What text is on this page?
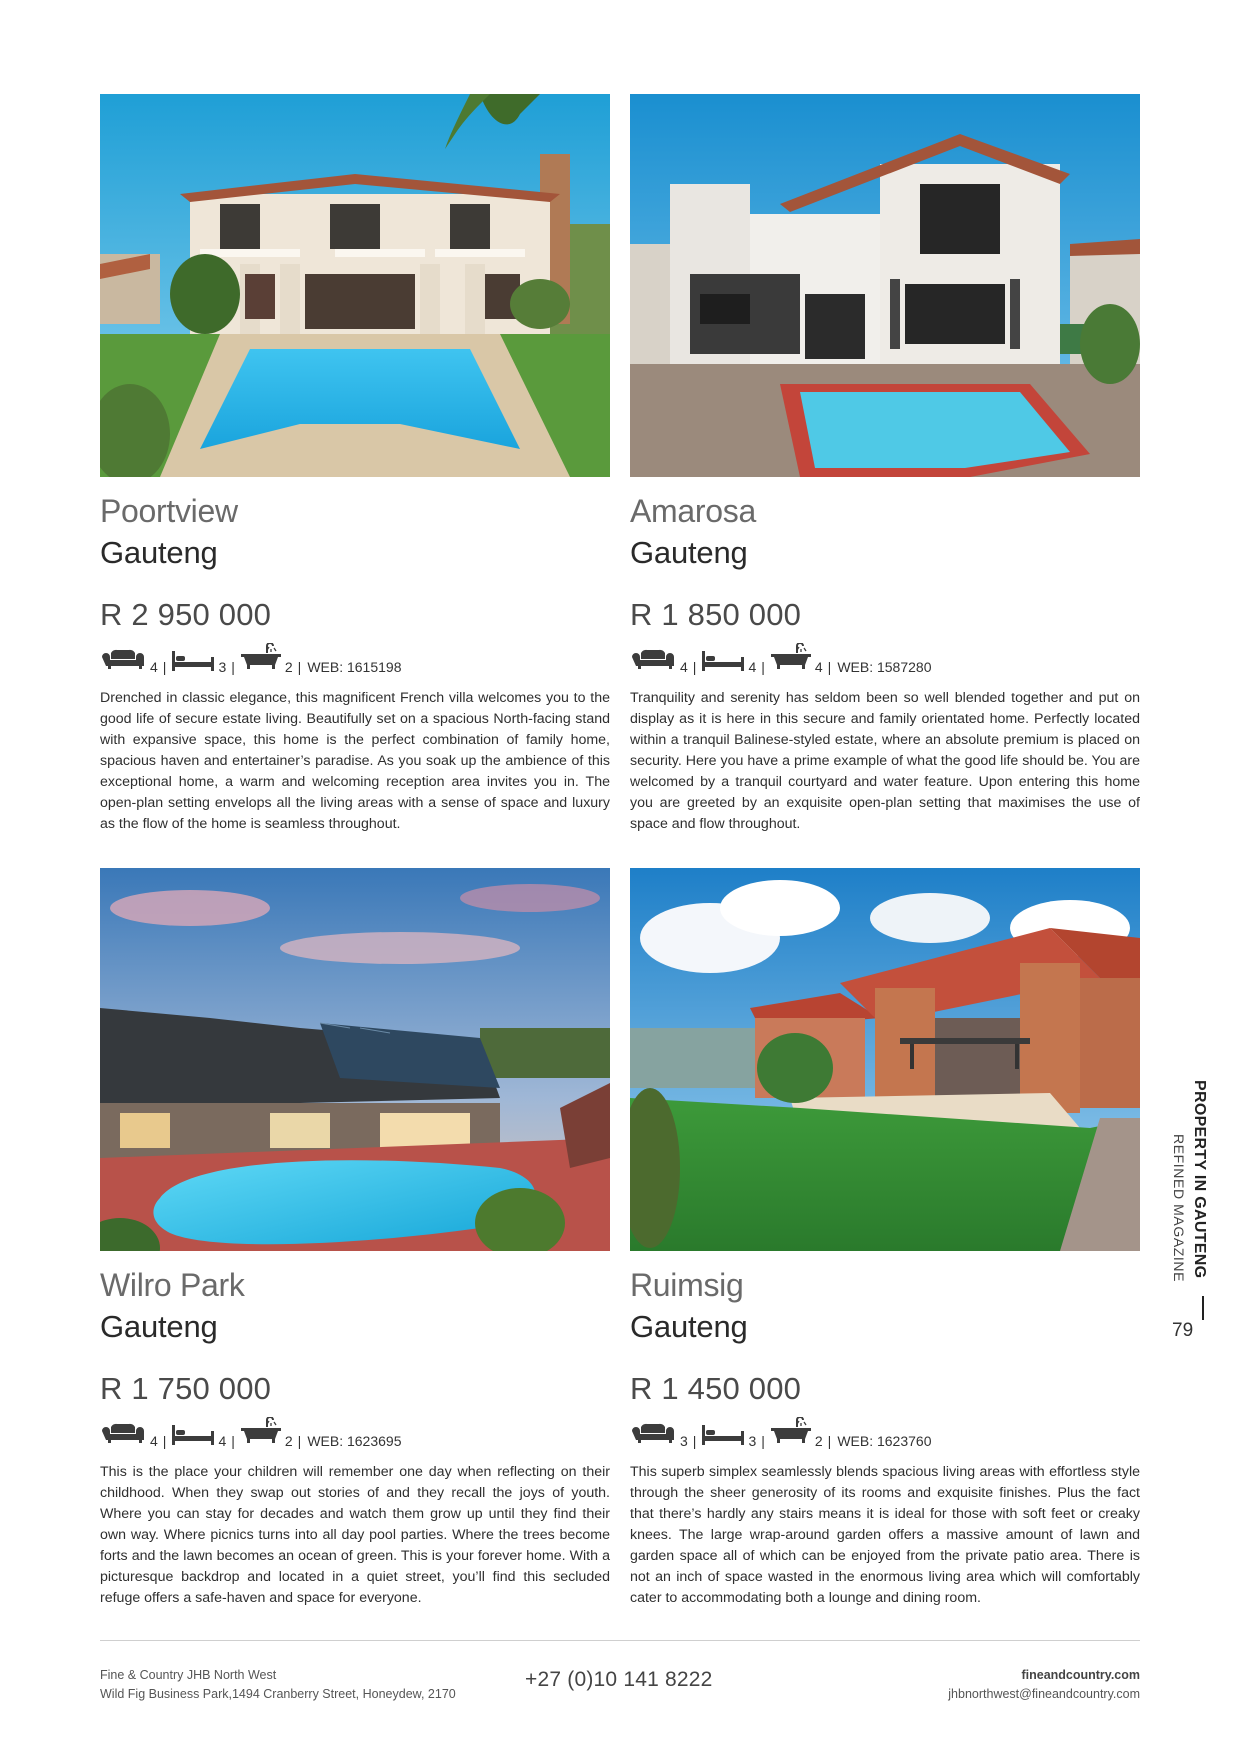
Poortview
Gauteng
R 2 950 000
4 |	3 |	2 | WEB: 1615198

Drenched in classic elegance, this magnificent French villa welcomes you to the good life of secure estate living. Beautifully set on a spacious North-facing stand with expansive space, this home is the perfect combination of family home, spacious haven and entertainer’s paradise. As you soak up the ambience of this exceptional home, a warm and welcoming reception area invites you in. The open-plan setting envelops all the living areas with a sense of space and luxury as the flow of the home is seamless throughout.

Amarosa
Gauteng
R 1 850 000
4 |	4 |	4 | WEB: 1587280

Tranquility and serenity has seldom been so well blended together and put on display as it is here in this secure and family orientated home. Perfectly located within a tranquil Balinese-styled estate, where an absolute premium is placed on security. Here you have a prime example of what the good life should be. You are welcomed by a tranquil courtyard and water feature. Upon entering this home you are greeted by an exquisite open-plan setting that maximises the use of space and flow throughout.

Wilro Park
Gauteng
R 1 750 000
4 |	4 |	2 | WEB: 1623695

This is the place your children will remember one day when reflecting on their childhood. When they swap out stories of and they recall the joys of youth. Where you can stay for decades and watch them grow up until they find their own way. Where picnics turns into all day pool parties. Where the trees become forts and the lawn becomes an ocean of green. This is your forever home. With a picturesque backdrop and located in a quiet street, you’ll find this secluded refuge offers a safe-haven and space for everyone.

Ruimsig
Gauteng
R 1 450 000
3 |	3 |	2 | WEB: 1623760

This superb simplex seamlessly blends spacious living areas with effortless style through the sheer generosity of its rooms and exquisite finishes. Plus the fact that there’s hardly any stairs means it is ideal for those with soft feet or creaky knees. The large wrap-around garden offers a massive amount of lawn and garden space all of which can be enjoyed from the private patio area. There is not an inch of space wasted in the enormous living area which will comfortably cater to accommodating both a lounge and dining room.

PROPERTY IN GAUTENG
REFINED MAGAZINE
79
Fine & Country JHB North West
Wild Fig Business Park,1494 Cranberry Street, Honeydew, 2170
+27 (0)10 141 8222	fineandcountry.com
jhbnorthwest@fineandcountry.com
